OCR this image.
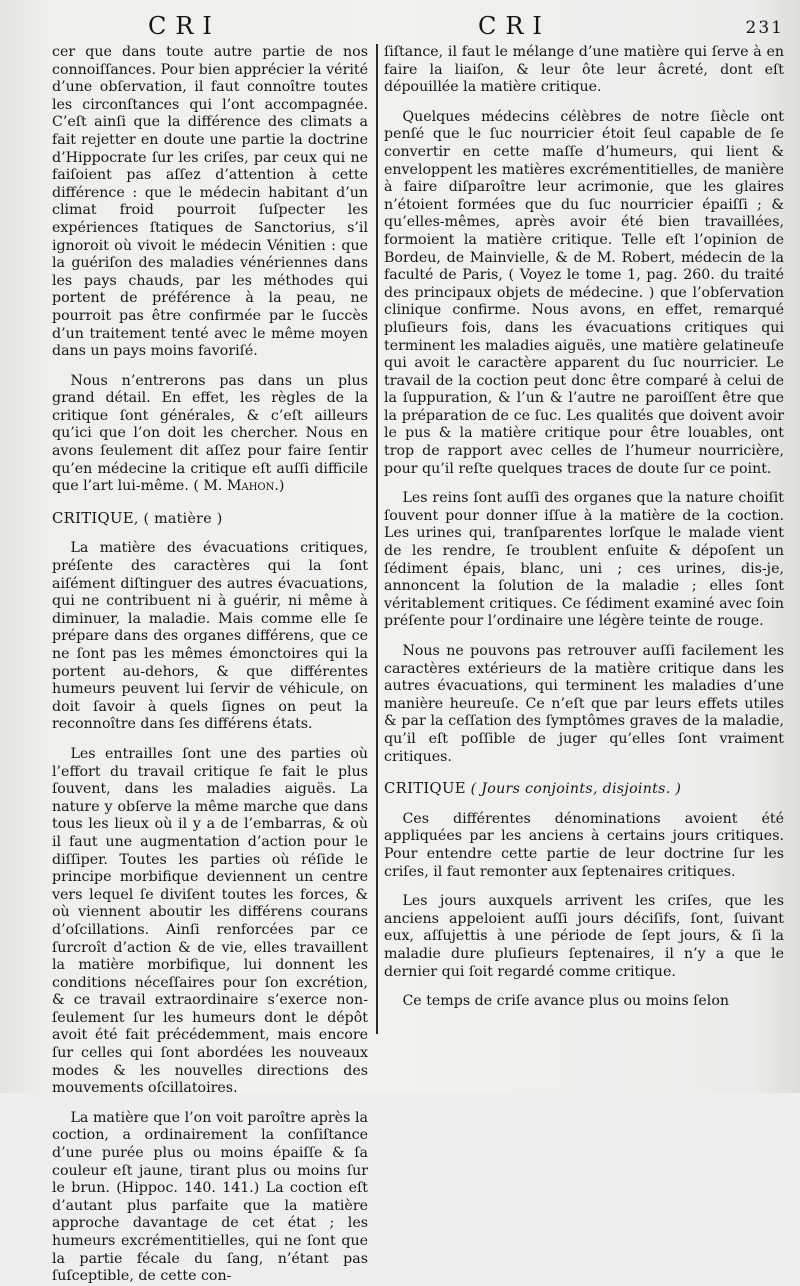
CRI	CRI	231

cer que dans toute autre partie de nos connoiſſances. Pour bien apprécier la vérité d’une obſervation, il faut connoître toutes les circonſtances qui l’ont accompagnée. C’eſt ainſi que la différence des climats a fait rejetter en doute une partie la doctrine d’Hippocrate ſur les criſes, par ceux qui ne faiſoient pas aſſez d’attention à cette différence : que le médecin habitant d’un climat froid pourroit ſuſpecter les expériences ſtatiques de Sanctorius, s’il ignoroit où vivoit le médecin Vénitien : que la guériſon des maladies vénériennes dans les pays chauds, par les méthodes qui portent de préférence à la peau, ne pourroit pas être confirmée par le ſuccès d’un traitement tenté avec le même moyen dans un pays moins favoriſé.

Nous n’entrerons pas dans un plus grand détail. En effet, les règles de la critique ſont générales, & c’eſt ailleurs qu’ici que l’on doit les chercher. Nous en avons ſeulement dit aſſez pour faire ſentir qu’en médecine la critique eſt auſſi difficile que l’art lui-même. ( M. Mahon.)

CRITIQUE, ( matière )

La matière des évacuations critiques, préſente des caractères qui la ſont aiſément diſtinguer des autres évacuations, qui ne contribuent ni à guérir, ni même à diminuer, la maladie. Mais comme elle ſe prépare dans des organes différens, que ce ne ſont pas les mêmes émonctoires qui la portent au-dehors, & que différentes humeurs peuvent lui ſervir de véhicule, on doit ſavoir à quels ſignes on peut la reconnoître dans ſes différens états.

Les entrailles ſont une des parties où l’effort du travail critique ſe fait le plus ſouvent, dans les maladies aiguës. La nature y obſerve la même marche que dans tous les lieux où il y a de l’embarras, & où il faut une augmentation d’action pour le diſſiper. Toutes les parties où réſide le principe morbifique deviennent un centre vers lequel ſe diviſent toutes les forces, & où viennent aboutir les différens courans d’oſcillations. Ainſi renforcées par ce ſurcroît d’action & de vie, elles travaillent la matière morbifique, lui donnent les conditions néceſſaires pour ſon excrétion, & ce travail extraordinaire s’exerce non-ſeulement ſur les humeurs dont le dépôt avoit été fait précédemment, mais encore ſur celles qui ſont abordées les nouveaux modes & les nouvelles directions des mouvements oſcillatoires.

La matière que l’on voit paroître après la coction, a ordinairement la conſiſtance d’une purée plus ou moins épaiſſe & ſa couleur eſt jaune, tirant plus ou moins ſur le brun. (Hippoc. 140. 141.) La coction eſt d’autant plus parfaite que la matière approche davantage de cet état ; les humeurs excrémentitielles, qui ne ſont que la partie fécale du ſang, n’étant pas ſuſceptible, de cette con-

ſiſtance, il faut le mélange d’une matière qui ſerve à en faire la liaiſon, & leur ôte leur âcreté, dont eſt dépouillée la matière critique.

Quelques médecins célèbres de notre ſiècle ont penſé que le ſuc nourricier étoit ſeul capable de ſe convertir en cette maſſe d’humeurs, qui lient & enveloppent les matières excrémentitielles, de manière à faire diſparoître leur acrimonie, que les glaires n’étoient formées que du ſuc nourricier épaiſſi ; & qu’elles-mêmes, après avoir été bien travaillées, formoient la matière critique. Telle eſt l’opinion de Bordeu, de Mainvielle, & de M. Robert, médecin de la faculté de Paris, ( Voyez le tome 1, pag. 260. du traité des principaux objets de médecine. ) que l’obſervation clinique confirme. Nous avons, en effet, remarqué pluſieurs fois, dans les évacuations critiques qui terminent les maladies aiguës, une matière gelatineuſe qui avoit le caractère apparent du ſuc nourricier. Le travail de la coction peut donc être comparé à celui de la ſuppuration, & l’un & l’autre ne paroiſſent être que la préparation de ce ſuc. Les qualités que doivent avoir le pus & la matière critique pour être louables, ont trop de rapport avec celles de l’humeur nourricière, pour qu’il reſte quelques traces de doute ſur ce point.

Les reins ſont auſſi des organes que la nature choiſit ſouvent pour donner iſſue à la matière de la coction. Les urines qui, tranſparentes lorſque le malade vient de les rendre, ſe troublent enſuite & dépoſent un ſédiment épais, blanc, uni ; ces urines, dis-je, annoncent la ſolution de la maladie ; elles ſont véritablement critiques. Ce ſédiment examiné avec ſoin préſente pour l’ordinaire une légère teinte de rouge.

Nous ne pouvons pas retrouver auſſi facilement les caractères extérieurs de la matière critique dans les autres évacuations, qui terminent les maladies d’une manière heureuſe. Ce n’eſt que par leurs effets utiles & par la ceſſation des ſymptômes graves de la maladie, qu’il eſt poſſible de juger qu’elles ſont vraiment critiques.

CRITIQUE ( Jours conjoints, disjoints. )

Ces différentes dénominations avoient été appliquées par les anciens à certains jours critiques. Pour entendre cette partie de leur doctrine ſur les criſes, il faut remonter aux ſeptenaires critiques.

Les jours auxquels arrivent les criſes, que les anciens appeloient auſſi jours déciſifs, ſont, ſuivant eux, aſſujettis à une période de ſept jours, & ſi la maladie dure pluſieurs ſeptenaires, il n’y a que le dernier qui ſoit regardé comme critique.

Ce temps de criſe avance plus ou moins ſelon
